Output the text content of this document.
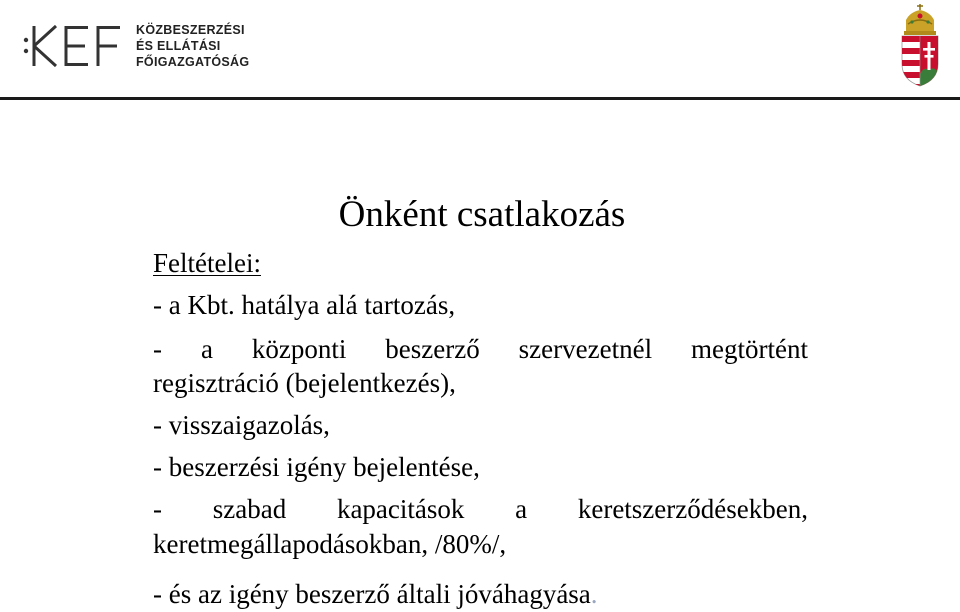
KÖZBESZERZÉSI
ÉS ELLÁTÁSI
FŐIGAZGATÓSÁG
Önként csatlakozás
Feltételei:
- a Kbt. hatálya alá tartozás,
- a központi beszerző szervezetnél megtörtént
regisztráció (bejelentkezés),
- visszaigazolás,
- beszerzési igény bejelentése,
- szabad kapacitások a keretszerződésekben,
keretmegállapodásokban, /80%/,
- és az igény beszerző általi jóváhagyása.
